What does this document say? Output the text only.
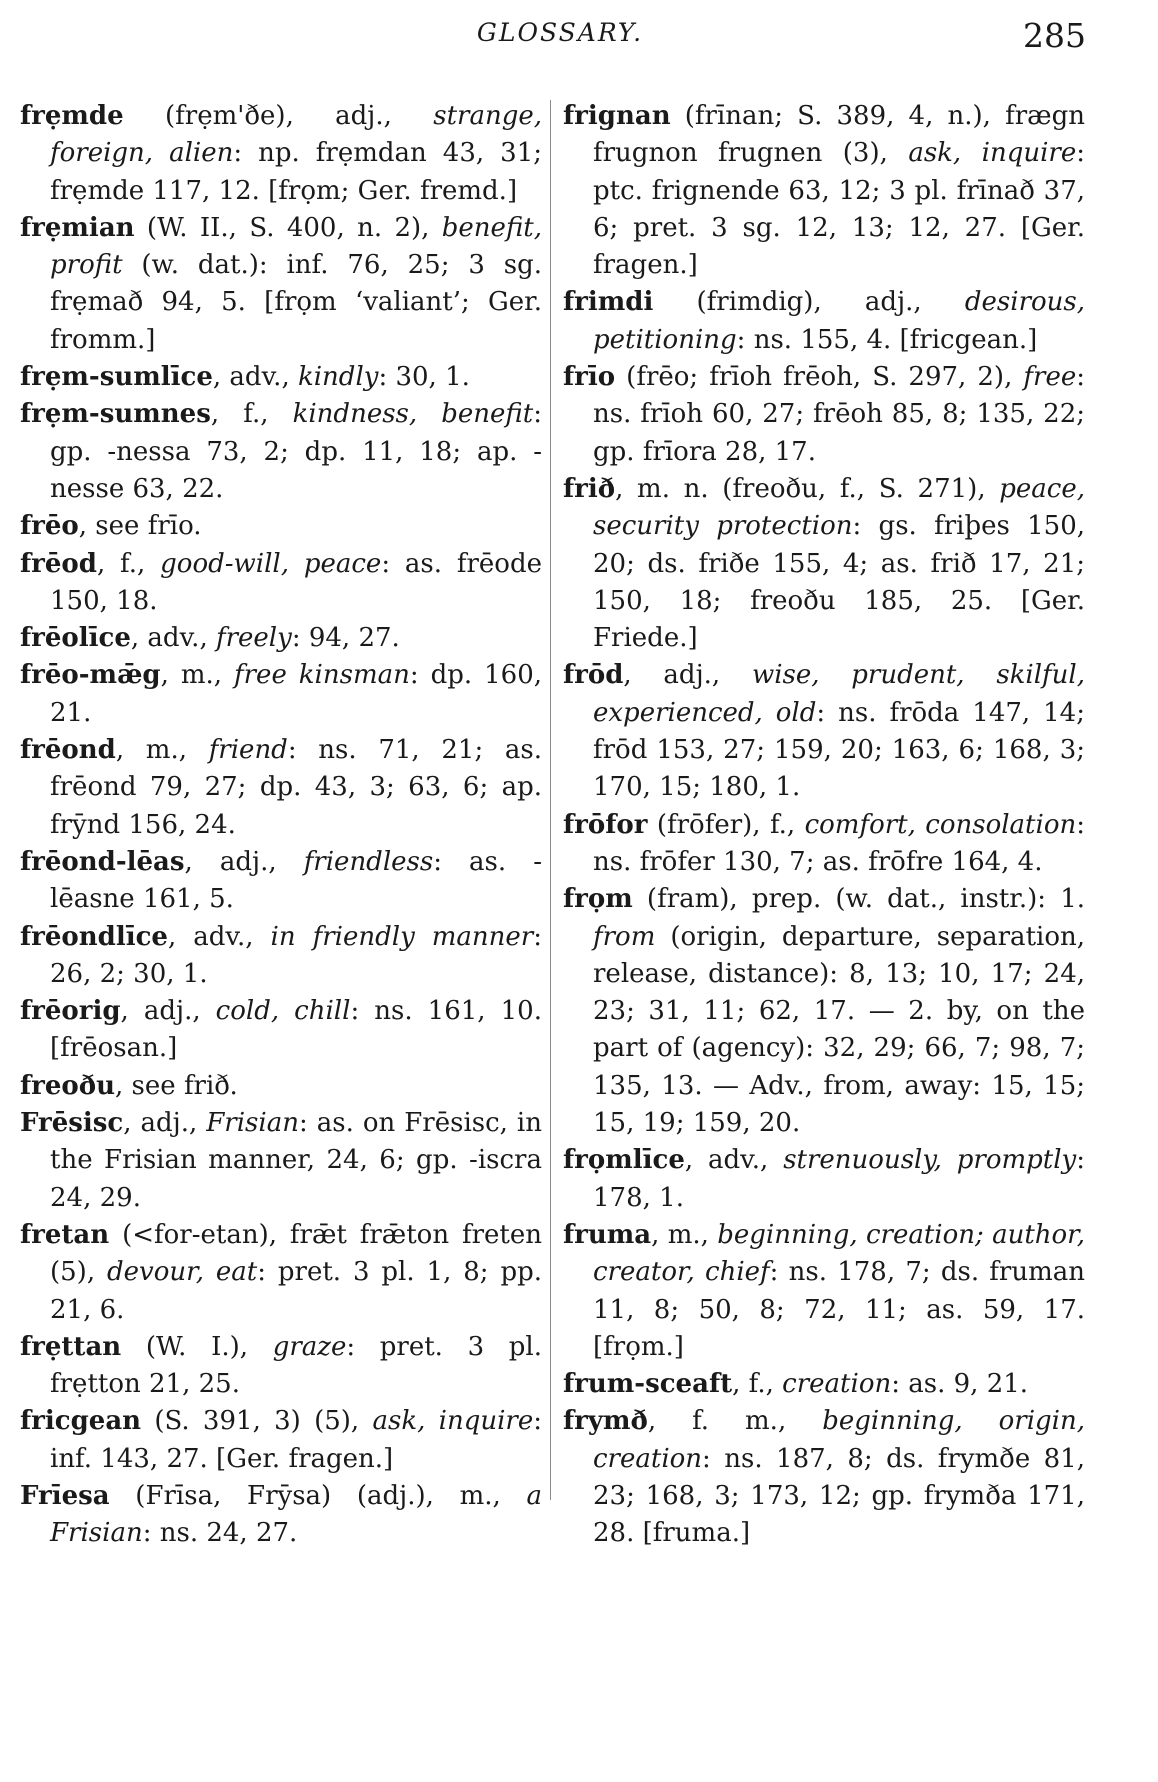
GLOSSARY.	285

frẹmde (frẹm'ðe), adj., strange, foreign, alien: np. frẹmdan 43, 31; frẹmde 117, 12. [frọm; Ger. fremd.]

frẹmian (W. II., S. 400, n. 2), benefit, profit (w. dat.): inf. 76, 25; 3 sg. frẹmað 94, 5. [frọm ‘valiant’; Ger. fromm.]

frẹm-sumlīce, adv., kindly: 30, 1.

frẹm-sumnes, f., kindness, benefit: gp. -nessa 73, 2; dp. 11, 18; ap. -nesse 63, 22.

frēo, see frīo.

frēod, f., good-will, peace: as. frēode 150, 18.

frēolīce, adv., freely: 94, 27.

frēo-mǣg, m., free kinsman: dp. 160, 21.

frēond, m., friend: ns. 71, 21; as. frēond 79, 27; dp. 43, 3; 63, 6; ap. frȳnd 156, 24.

frēond-lēas, adj., friendless: as. -lēasne 161, 5.

frēondlīce, adv., in friendly manner: 26, 2; 30, 1.

frēorig, adj., cold, chill: ns. 161, 10. [frēosan.]

freoðu, see frið.

Frēsisc, adj., Frisian: as. on Frēsisc, in the Frisian manner, 24, 6; gp. -iscra 24, 29.

fretan (<for-etan), frǣt frǣton freten (5), devour, eat: pret. 3 pl. 1, 8; pp. 21, 6.

frẹttan (W. I.), graze: pret. 3 pl. frẹtton 21, 25.

fricgean (S. 391, 3) (5), ask, inquire: inf. 143, 27. [Ger. fragen.]

Frīesa (Frīsa, Frȳsa) (adj.), m., a Frisian: ns. 24, 27.

frignan (frīnan; S. 389, 4, n.), frægn frugnon frugnen (3), ask, inquire: ptc. frignende 63, 12; 3 pl. frīnað 37, 6; pret. 3 sg. 12, 13; 12, 27. [Ger. fragen.]

frimdi (frimdig), adj., desirous, petitioning: ns. 155, 4. [fricgean.]

frīo (frēo; frīoh frēoh, S. 297, 2), free: ns. frīoh 60, 27; frēoh 85, 8; 135, 22; gp. frīora 28, 17.

frið, m. n. (freoðu, f., S. 271), peace, security protection: gs. friþes 150, 20; ds. friðe 155, 4; as. frið 17, 21; 150, 18; freoðu 185, 25. [Ger. Friede.]

frōd, adj., wise, prudent, skilful, experienced, old: ns. frōda 147, 14; frōd 153, 27; 159, 20; 163, 6; 168, 3; 170, 15; 180, 1.

frōfor (frōfer), f., comfort, consolation: ns. frōfer 130, 7; as. frōfre 164, 4.

frọm (fram), prep. (w. dat., instr.): 1. from (origin, departure, separation, release, distance): 8, 13; 10, 17; 24, 23; 31, 11; 62, 17. — 2. by, on the part of (agency): 32, 29; 66, 7; 98, 7; 135, 13. — Adv., from, away: 15, 15; 15, 19; 159, 20.

frọmlīce, adv., strenuously, promptly: 178, 1.

fruma, m., beginning, creation; author, creator, chief: ns. 178, 7; ds. fruman 11, 8; 50, 8; 72, 11; as. 59, 17. [frọm.]

frum-sceaft, f., creation: as. 9, 21.

frymð, f. m., beginning, origin, creation: ns. 187, 8; ds. frymðe 81, 23; 168, 3; 173, 12; gp. frymða 171, 28. [fruma.]
